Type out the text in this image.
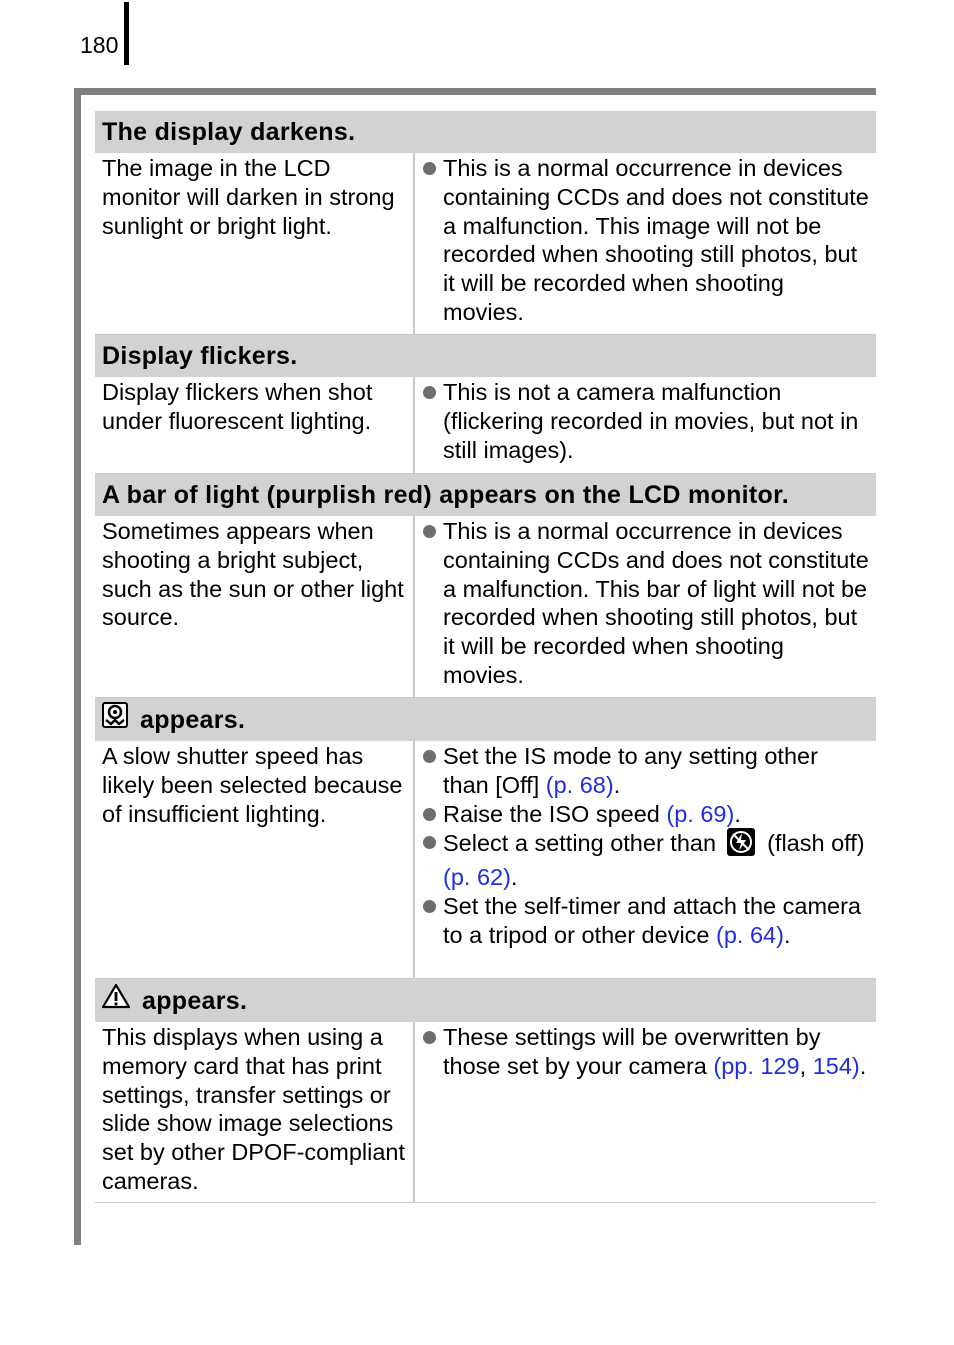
180
The display darkens.
The image in the LCD monitor will darken in strong sunlight or bright light.
This is a normal occurrence in devices containing CCDs and does not constitute a malfunction. This image will not be recorded when shooting still photos, but it will be recorded when shooting movies.
Display flickers.
Display flickers when shot under fluorescent lighting.
This is not a camera malfunction (flickering recorded in movies, but not in still images).
A bar of light (purplish red) appears on the LCD monitor.
Sometimes appears when shooting a bright subject, such as the sun or other light source.
This is a normal occurrence in devices containing CCDs and does not constitute a malfunction. This bar of light will not be recorded when shooting still photos, but it will be recorded when shooting movies.
appears.
A slow shutter speed has likely been selected because of insufficient lighting.
Set the IS mode to any setting other than [Off] (p. 68).
Raise the ISO speed (p. 69).
Select a setting other than  (flash off) (p. 62).
Set the self-timer and attach the camera to a tripod or other device (p. 64).
appears.
This displays when using a memory card that has print settings, transfer settings or slide show image selections set by other DPOF-compliant cameras.
These settings will be overwritten by those set by your camera (pp. 129, 154).
